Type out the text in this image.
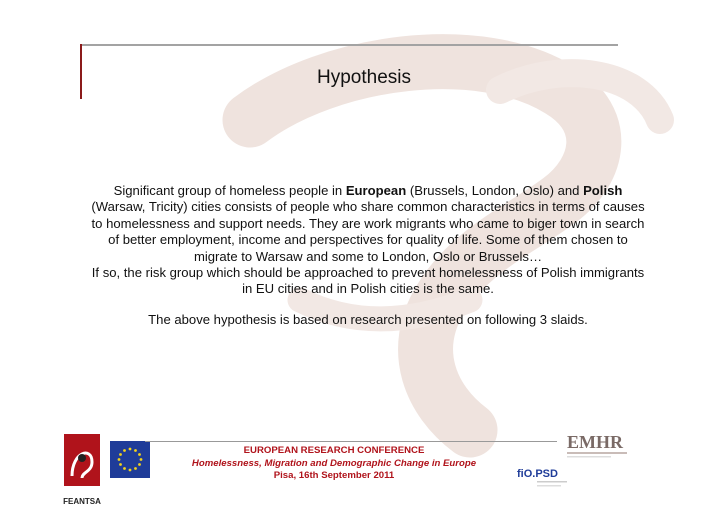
Hypothesis

Significant group of homeless people in European (Brussels, London, Oslo) and Polish (Warsaw, Tricity) cities consists of people who share common characteristics in terms of causes to homelessness and support needs. They are work migrants who came to biger town in search of better employment, income and perspectives for quality of life. Some of them chosen to migrate to Warsaw and some to London, Oslo or Brussels…

If so, the risk group which should be approached to prevent homelessness of Polish immigrants in EU cities and in Polish cities is the same.

The above hypothesis is based on research presented on following 3 slaids.

FEANTSA
EUROPEAN RESEARCH CONFERENCE
Homelessness, Migration and Demographic Change in Europe
Pisa, 16th September 2011
EMHR
fiO.PSD
